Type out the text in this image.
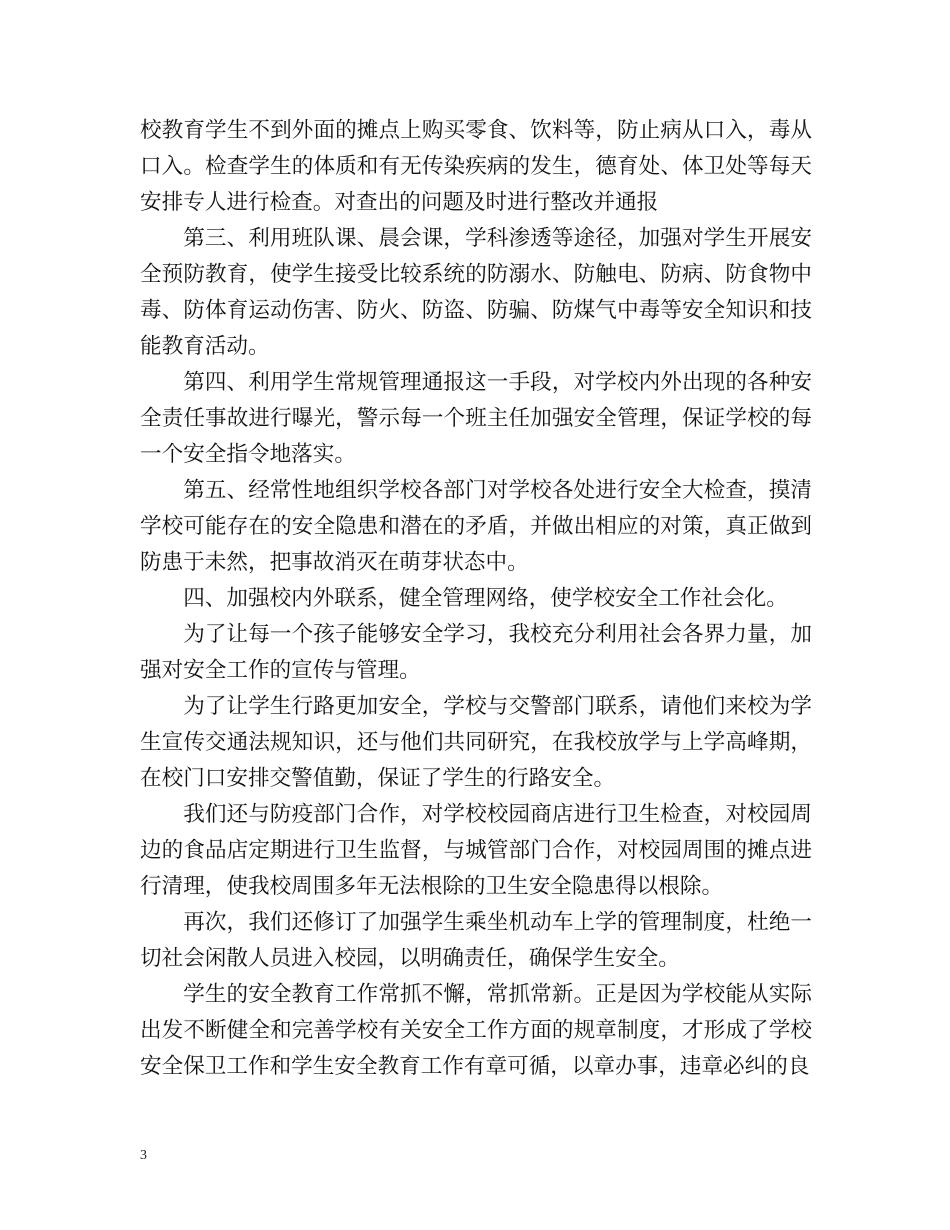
校教育学生不到外面的摊点上购买零食、饮料等，防止病从口入，毒从口入。检查学生的体质和有无传染疾病的发生，德育处、体卫处等每天安排专人进行检查。对查出的问题及时进行整改并通报

第三、利用班队课、晨会课，学科渗透等途径，加强对学生开展安全预防教育，使学生接受比较系统的防溺水、防触电、防病、防食物中毒、防体育运动伤害、防火、防盗、防骗、防煤气中毒等安全知识和技能教育活动。

第四、利用学生常规管理通报这一手段，对学校内外出现的各种安全责任事故进行曝光，警示每一个班主任加强安全管理，保证学校的每一个安全指令地落实。

第五、经常性地组织学校各部门对学校各处进行安全大检查，摸清学校可能存在的安全隐患和潜在的矛盾，并做出相应的对策，真正做到防患于未然，把事故消灭在萌芽状态中。

四、加强校内外联系，健全管理网络，使学校安全工作社会化。

为了让每一个孩子能够安全学习，我校充分利用社会各界力量，加强对安全工作的宣传与管理。

为了让学生行路更加安全，学校与交警部门联系，请他们来校为学生宣传交通法规知识，还与他们共同研究，在我校放学与上学高峰期，在校门口安排交警值勤，保证了学生的行路安全。

我们还与防疫部门合作，对学校校园商店进行卫生检查，对校园周边的食品店定期进行卫生监督，与城管部门合作，对校园周围的摊点进行清理，使我校周围多年无法根除的卫生安全隐患得以根除。

再次，我们还修订了加强学生乘坐机动车上学的管理制度，杜绝一切社会闲散人员进入校园，以明确责任，确保学生安全。

学生的安全教育工作常抓不懈，常抓常新。正是因为学校能从实际出发不断健全和完善学校有关安全工作方面的规章制度，才形成了学校安全保卫工作和学生安全教育工作有章可循，以章办事，违章必纠的良

3
